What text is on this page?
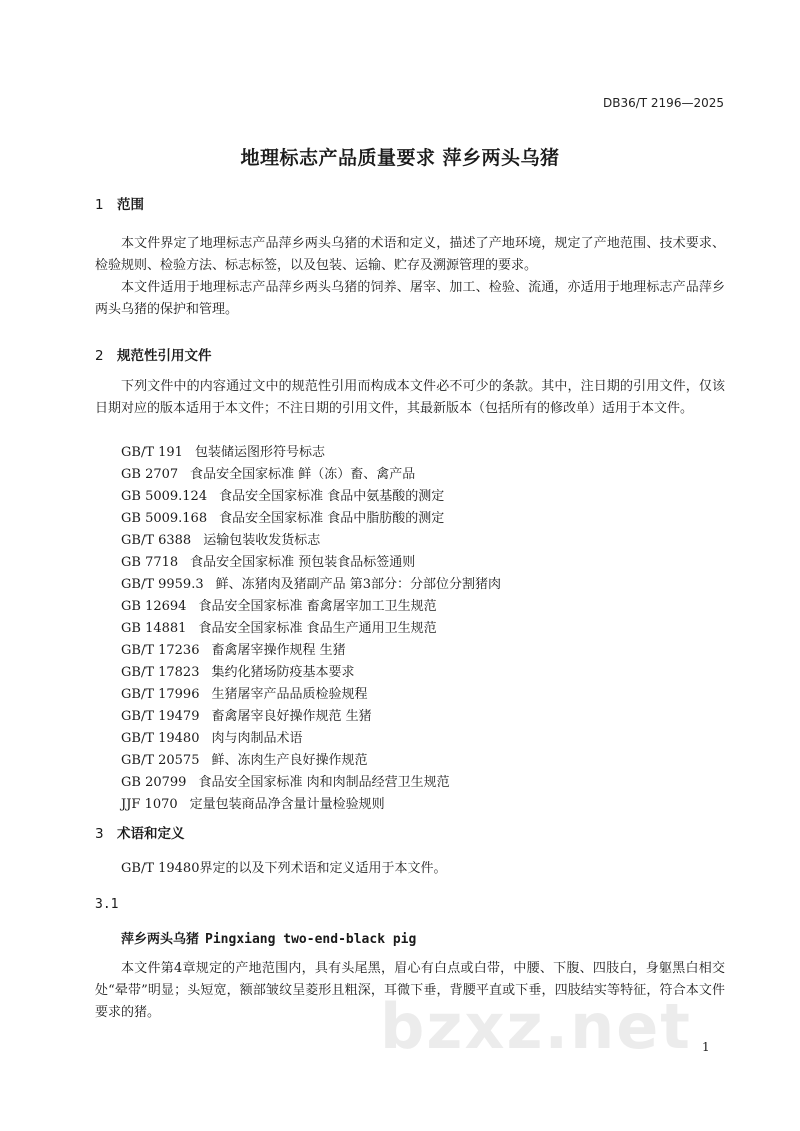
DB36/T 2196—2025
地理标志产品质量要求 萍乡两头乌猪
1 范围
本文件界定了地理标志产品萍乡两头乌猪的术语和定义，描述了产地环境，规定了产地范围、技术要求、检验规则、检验方法、标志标签，以及包装、运输、贮存及溯源管理的要求。
本文件适用于地理标志产品萍乡两头乌猪的饲养、屠宰、加工、检验、流通，亦适用于地理标志产品萍乡两头乌猪的保护和管理。
2 规范性引用文件
下列文件中的内容通过文中的规范性引用而构成本文件必不可少的条款。其中，注日期的引用文件，仅该日期对应的版本适用于本文件；不注日期的引用文件，其最新版本（包括所有的修改单）适用于本文件。
GB/T 191 包装储运图形符号标志
GB 2707 食品安全国家标准 鲜（冻）畜、禽产品
GB 5009.124 食品安全国家标准 食品中氨基酸的测定
GB 5009.168 食品安全国家标准 食品中脂肪酸的测定
GB/T 6388 运输包装收发货标志
GB 7718 食品安全国家标准 预包装食品标签通则
GB/T 9959.3 鲜、冻猪肉及猪副产品 第3部分：分部位分割猪肉
GB 12694 食品安全国家标准 畜禽屠宰加工卫生规范
GB 14881 食品安全国家标准 食品生产通用卫生规范
GB/T 17236 畜禽屠宰操作规程 生猪
GB/T 17823 集约化猪场防疫基本要求
GB/T 17996 生猪屠宰产品品质检验规程
GB/T 19479 畜禽屠宰良好操作规范 生猪
GB/T 19480 肉与肉制品术语
GB/T 20575 鲜、冻肉生产良好操作规范
GB 20799 食品安全国家标准 肉和肉制品经营卫生规范
JJF 1070 定量包装商品净含量计量检验规则
3 术语和定义
GB/T 19480界定的以及下列术语和定义适用于本文件。
3.1
萍乡两头乌猪 Pingxiang two-end-black pig
本文件第4章规定的产地范围内，具有头尾黑，眉心有白点或白带，中腰、下腹、四肢白，身躯黑白相交处“晕带”明显；头短宽，额部皱纹呈菱形且粗深，耳微下垂，背腰平直或下垂，四肢结实等特征，符合本文件要求的猪。	bzxz.net 1
